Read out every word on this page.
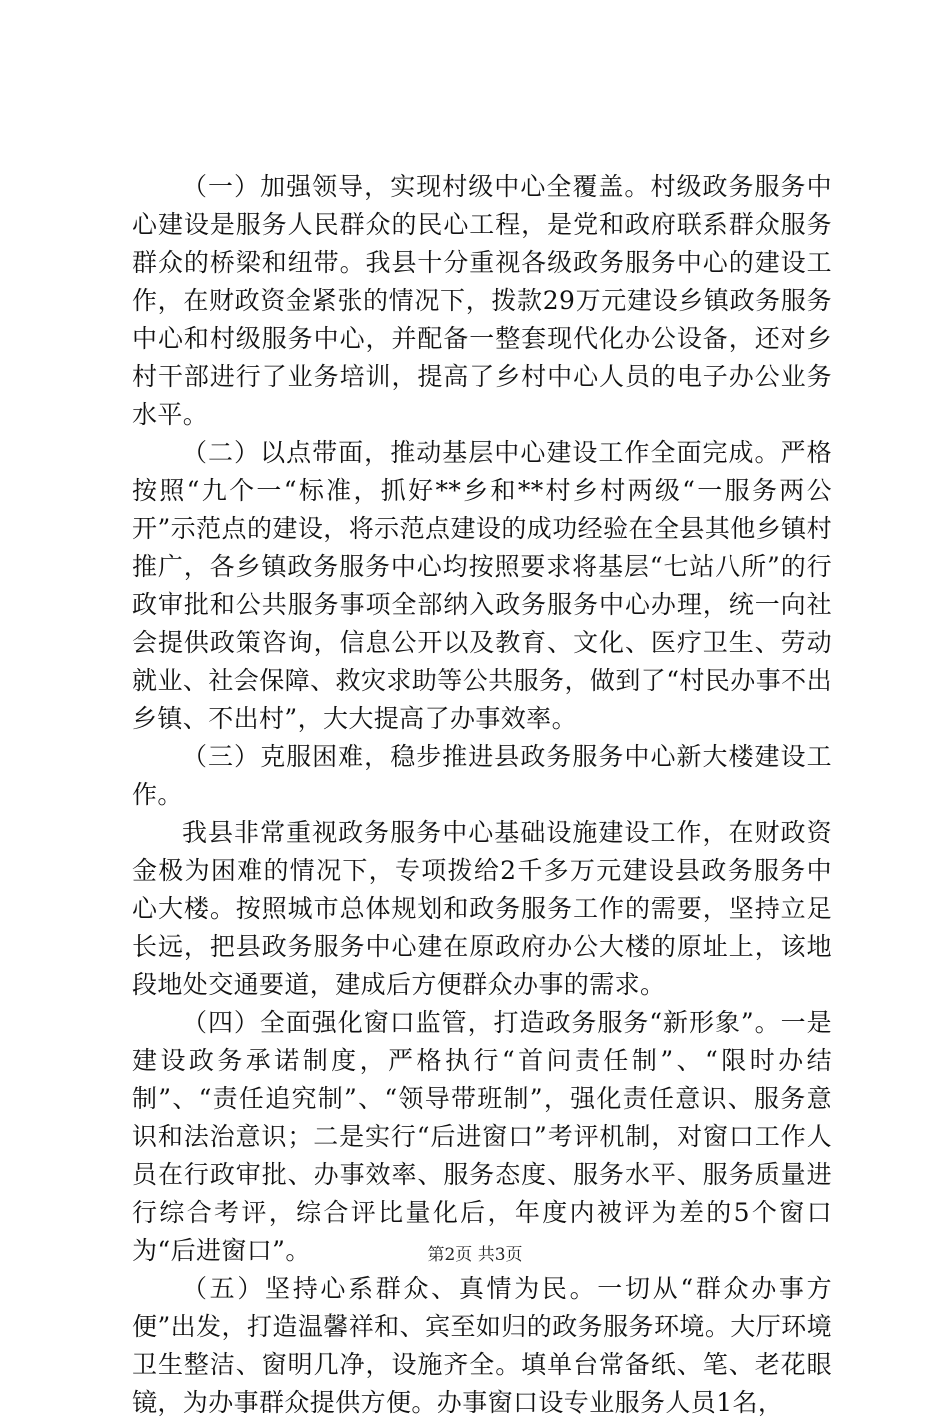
（一）加强领导，实现村级中心全覆盖。村级政务服务中心建设是服务人民群众的民心工程，是党和政府联系群众服务群众的桥梁和纽带。我县十分重视各级政务服务中心的建设工作，在财政资金紧张的情况下，拨款29万元建设乡镇政务服务中心和村级服务中心，并配备一整套现代化办公设备，还对乡村干部进行了业务培训，提高了乡村中心人员的电子办公业务水平。

（二）以点带面，推动基层中心建设工作全面完成。严格按照“九个一“标准，抓好**乡和**村乡村两级“一服务两公开”示范点的建设，将示范点建设的成功经验在全县其他乡镇村推广，各乡镇政务服务中心均按照要求将基层“七站八所”的行政审批和公共服务事项全部纳入政务服务中心办理，统一向社会提供政策咨询，信息公开以及教育、文化、医疗卫生、劳动就业、社会保障、救灾求助等公共服务，做到了“村民办事不出乡镇、不出村”，大大提高了办事效率。

（三）克服困难，稳步推进县政务服务中心新大楼建设工作。

我县非常重视政务服务中心基础设施建设工作，在财政资金极为困难的情况下，专项拨给2千多万元建设县政务服务中心大楼。按照城市总体规划和政务服务工作的需要，坚持立足长远，把县政务服务中心建在原政府办公大楼的原址上，该地段地处交通要道，建成后方便群众办事的需求。

（四）全面强化窗口监管，打造政务服务“新形象”。一是建设政务承诺制度，严格执行“首问责任制”、“限时办结制”、“责任追究制”、“领导带班制”，强化责任意识、服务意识和法治意识；二是实行“后进窗口”考评机制，对窗口工作人员在行政审批、办事效率、服务态度、服务水平、服务质量进行综合考评，综合评比量化后，年度内被评为差的5个窗口为“后进窗口”。

（五）坚持心系群众、真情为民。一切从“群众办事方便”出发，打造温馨祥和、宾至如归的政务服务环境。大厅环境卫生整洁、窗明几净，设施齐全。填单台常备纸、笔、老花眼镜，为办事群众提供方便。办事窗口设专业服务人员1名，

第2页 共3页
